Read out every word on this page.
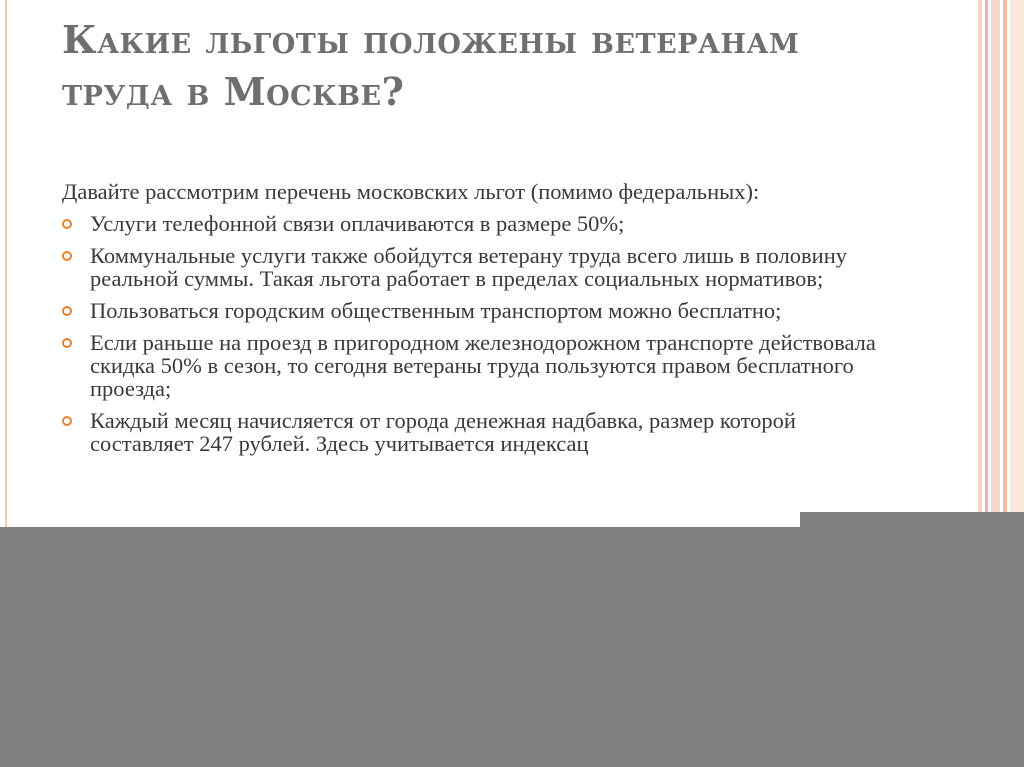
Какие льготы положены ветеранам труда в Москве?

Давайте рассмотрим перечень московских льгот (помимо федеральных):

Услуги телефонной связи оплачиваются в размере 50%;
Коммунальные услуги также обойдутся ветерану труда всего лишь в половину реальной суммы. Такая льгота работает в пределах социальных нормативов;
Пользоваться городским общественным транспортом можно бесплатно;
Если раньше на проезд в пригородном железнодорожном транспорте действовала скидка 50% в сезон, то сегодня ветераны труда пользуются правом бесплатного проезда;
Каждый месяц начисляется от города денежная надбавка, размер которой составляет 247 рублей. Здесь учитывается индексац
